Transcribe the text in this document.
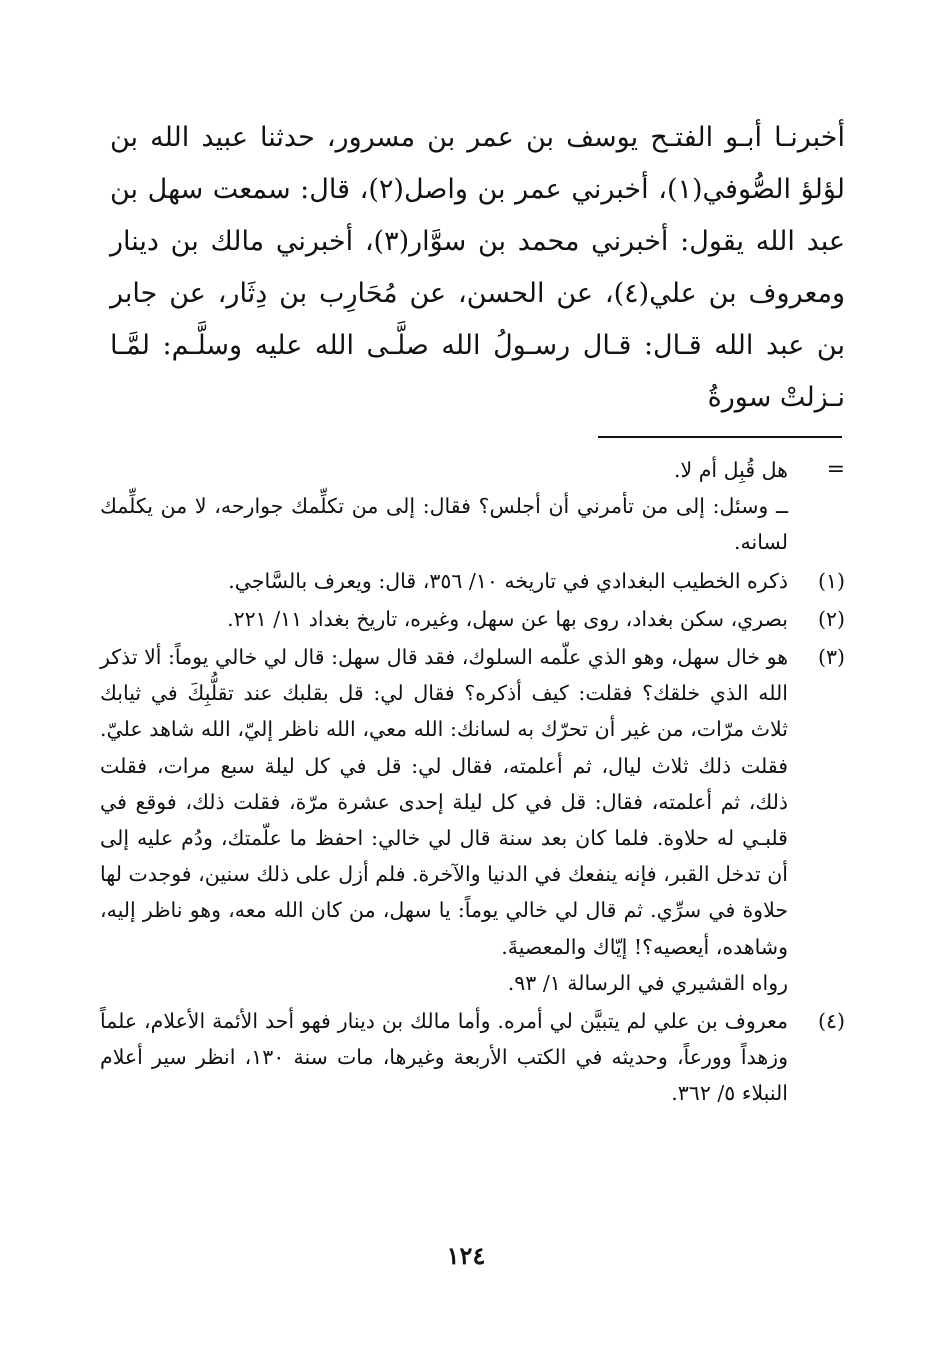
أخبرنـا أبـو الفتـح يوسف بن عمر بن مسرور، حدثنا عبيد الله بن لؤلؤ الصُّوفي(١)، أخبرني عمر بن واصل(٢)، قال: سمعت سهل بن عبد الله يقول: أخبرني محمد بن سوَّار(٣)، أخبرني مالك بن دينار ومعروف بن علي(٤)، عن الحسن، عن مُحَارِب بن دِثَار، عن جابر بن عبد الله قـال: قـال رسـولُ الله صلَّـى الله عليه وسلَّـم: لمَّـا نـزلتْ سورةُ

=
هل قُبِل أم لا.
ــ وسئل: إلى من تأمرني أن أجلس؟ فقال: إلى من تكلِّمك جوارحه، لا من يكلِّمك لسانه.
(١)
ذكره الخطيب البغدادي في تاريخه ١٠/ ٣٥٦، قال: ويعرف بالسَّاجي.
(٢)
بصري، سكن بغداد، روى بها عن سهل، وغيره، تاريخ بغداد ١١/ ٢٢١.
(٣)
هو خال سهل، وهو الذي علّمه السلوك، فقد قال سهل: قال لي خالي يوماً: ألا تذكر الله الذي خلقك؟ فقلت: كيف أذكره؟ فقال لي: قل بقلبك عند تقلُّبِكَ في ثيابك ثلاث مرّات، من غير أن تحرّك به لسانك: الله معي، الله ناظر إليّ، الله شاهد عليّ. فقلت ذلك ثلاث ليال، ثم أعلمته، فقال لي: قل في كل ليلة سبع مرات، فقلت ذلك، ثم أعلمته، فقال: قل في كل ليلة إحدى عشرة مرّة، فقلت ذلك، فوقع في قلبـي له حلاوة. فلما كان بعد سنة قال لي خالي: احفظ ما علّمتك، ودُم عليه إلى أن تدخل القبر، فإنه ينفعك في الدنيا والآخرة. فلم أزل على ذلك سنين، فوجدت لها حلاوة في سرِّي. ثم قال لي خالي يوماً: يا سهل، من كان الله معه، وهو ناظر إليه، وشاهده، أيعصيه؟! إيّاك والمعصيةَ.
رواه القشيري في الرسالة ١/ ٩٣.
(٤)
معروف بن علي لم يتبيَّن لي أمره. وأما مالك بن دينار فهو أحد الأئمة الأعلام، علماً وزهداً وورعاً، وحديثه في الكتب الأربعة وغيرها، مات سنة ١٣٠، انظر سير أعلام النبلاء ٥/ ٣٦٢.
١٢٤
